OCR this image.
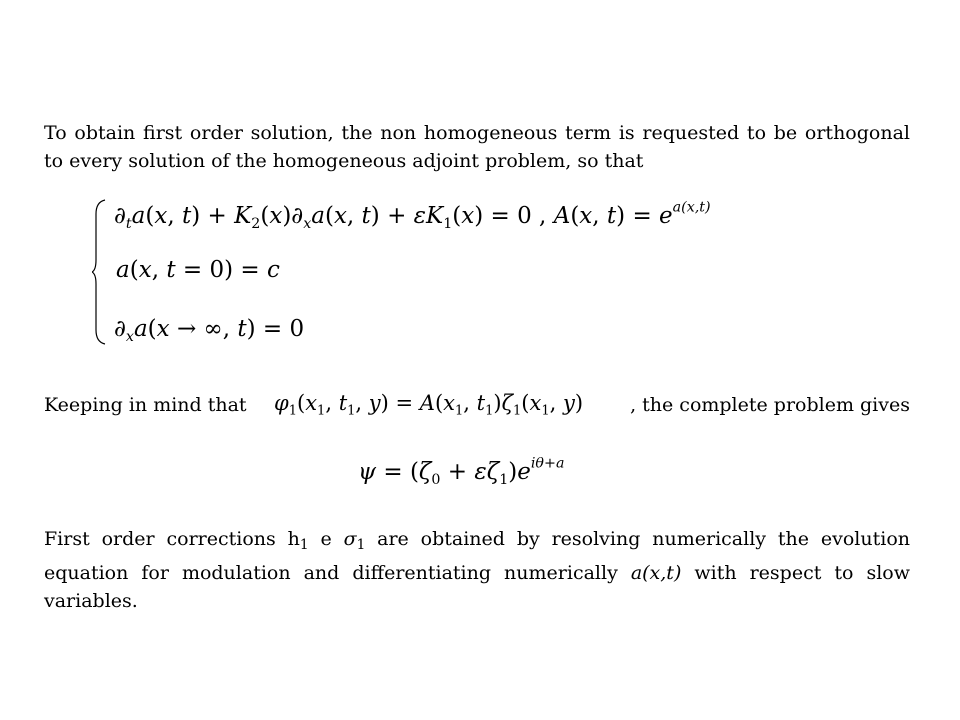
To obtain first order solution, the non homogeneous term is requested to be orthogonal to every solution of the homogeneous adjoint problem, so that

$\partial_ta(x$, $t) + K_2(x)\partial_xa(x$, $t) + \varepsilon K_1(x) = 0$ , A(x, $t) = e^{a(x,t)}$
a(x, t = 0) = c
$\partial_xa(x$ → ∞, t) = 0
Keeping in mind that $\varphi_1(x_1$, $t_1$, $y) = A(x_1$, $t_1)\zeta_1(x_1$, y) , the complete problem gives
$\psi = (\zeta_0 + \varepsilon\zeta_1)e^{i\theta+a}$

First order corrections $h_1$ e $\sigma_1$ are obtained by resolving numerically the evolution equation for modulation and differentiating numerically a(x,t) with respect to slow variables.
